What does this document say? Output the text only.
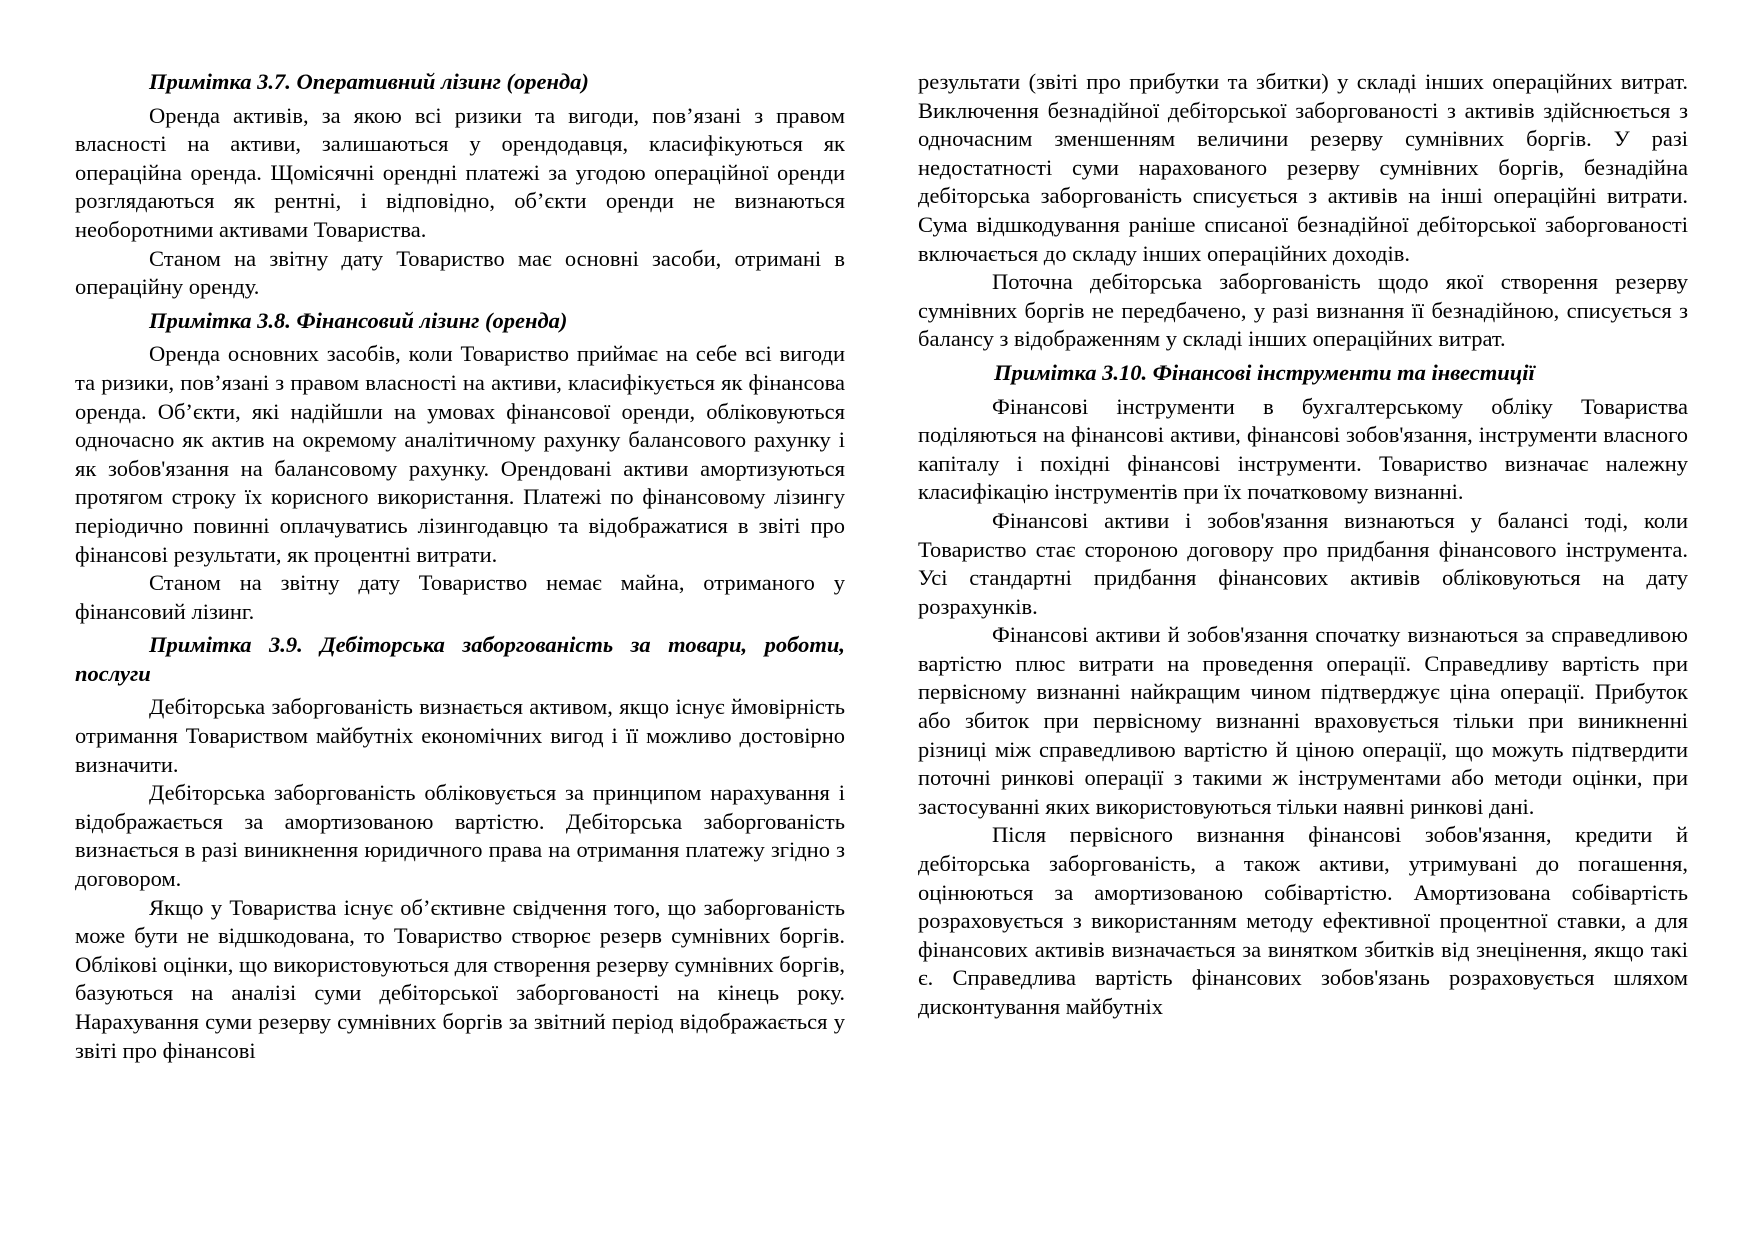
Примітка 3.7. Оперативний лізинг (оренда)

Оренда активів, за якою всі ризики та вигоди, пов’язані з правом власності на активи, залишаються у орендодавця, класифікуються як операційна оренда. Щомісячні орендні платежі за угодою операційної оренди розглядаються як рентні, і відповідно, об’єкти оренди не визнаються необоротними активами Товариства.

Станом на звітну дату Товариство має основні засоби, отримані в операційну оренду.

Примітка 3.8. Фінансовий лізинг (оренда)

Оренда основних засобів, коли Товариство приймає на себе всі вигоди та ризики, пов’язані з правом власності на активи, класифікується як фінансова оренда. Об’єкти, які надійшли на умовах фінансової оренди, обліковуються одночасно як актив на окремому аналітичному рахунку балансового рахунку і як зобов'язання на балансовому рахунку. Орендовані активи амортизуються протягом строку їх корисного використання. Платежі по фінансовому лізингу періодично повинні оплачуватись лізингодавцю та відображатися в звіті про фінансові результати, як процентні витрати.

Станом на звітну дату Товариство немає майна, отриманого у фінансовий лізинг.

Примітка 3.9. Дебіторська заборгованість за товари, роботи, послуги

Дебіторська заборгованість визнається активом, якщо існує ймовірність отримання Товариством майбутніх економічних вигод і її можливо достовірно визначити.

Дебіторська заборгованість обліковується за принципом нарахування і відображається за амортизованою вартістю. Дебіторська заборгованість визнається в разі виникнення юридичного права на отримання платежу згідно з договором.

Якщо у Товариства існує об’єктивне свідчення того, що заборгованість може бути не відшкодована, то Товариство створює резерв сумнівних боргів. Облікові оцінки, що використовуються для створення резерву сумнівних боргів, базуються на аналізі суми дебіторської заборгованості на кінець року. Нарахування суми резерву сумнівних боргів за звітний період відображається у звіті про фінансові

результати (звіті про прибутки та збитки) у складі інших операційних витрат. Виключення безнадійної дебіторської заборгованості з активів здійснюється з одночасним зменшенням величини резерву сумнівних боргів. У разі недостатності суми нарахованого резерву сумнівних боргів, безнадійна дебіторська заборгованість списується з активів на інші операційні витрати. Сума відшкодування раніше списаної безнадійної дебіторської заборгованості включається до складу інших операційних доходів.

Поточна дебіторська заборгованість щодо якої створення резерву сумнівних боргів не передбачено, у разі визнання її безнадійною, списується з балансу з відображенням у складі інших операційних витрат.

Примітка 3.10. Фінансові інструменти та інвестиції

Фінансові інструменти в бухгалтерському обліку Товариства поділяються на фінансові активи, фінансові зобов'язання, інструменти власного капіталу і похідні фінансові інструменти. Товариство визначає належну класифікацію інструментів при їх початковому визнанні.

Фінансові активи і зобов'язання визнаються у балансі тоді, коли Товариство стає стороною договору про придбання фінансового інструмента. Усі стандартні придбання фінансових активів обліковуються на дату розрахунків.

Фінансові активи й зобов'язання спочатку визнаються за справедливою вартістю плюс витрати на проведення операції. Справедливу вартість при первісному визнанні найкращим чином підтверджує ціна операції. Прибуток або збиток при первісному визнанні враховується тільки при виникненні різниці між справедливою вартістю й ціною операції, що можуть підтвердити поточні ринкові операції з такими ж інструментами або методи оцінки, при застосуванні яких використовуються тільки наявні ринкові дані.

Після первісного визнання фінансові зобов'язання, кредити й дебіторська заборгованість, а також активи, утримувані до погашення, оцінюються за амортизованою собівартістю. Амортизована собівартість розраховується з використанням методу ефективної процентної ставки, а для фінансових активів визначається за винятком збитків від знецінення, якщо такі є. Справедлива вартість фінансових зобов'язань розраховується шляхом дисконтування майбутніх
